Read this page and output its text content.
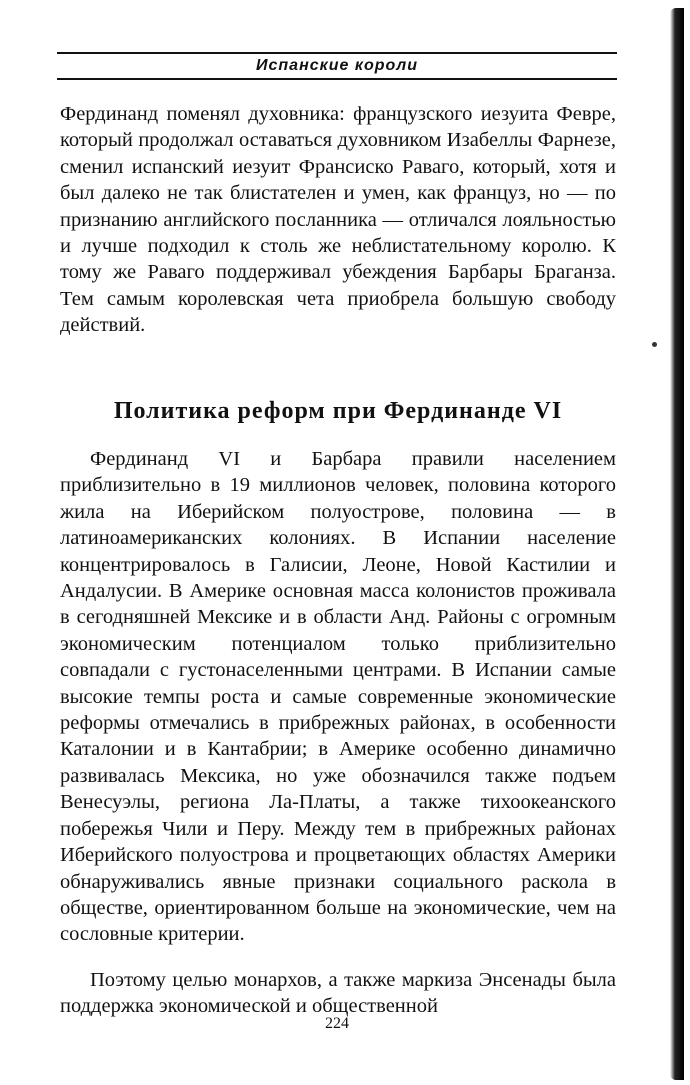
Испанские короли

Фердинанд поменял духовника: французского иезуита Февре, который продолжал оставаться духовником Изабеллы Фарнезе, сменил испанский иезуит Франсиско Раваго, который, хотя и был далеко не так блистателен и умен, как француз, но — по признанию английского посланника — отличался лояльностью и лучше подходил к столь же неблистательному королю. К тому же Раваго поддерживал убеждения Барбары Браганза. Тем самым королевская чета приобрела большую свободу действий.

Политика реформ при Фердинанде VI

Фердинанд VI и Барбара правили населением приблизительно в 19 миллионов человек, половина которого жила на Иберийском полуострове, половина — в латиноамериканских колониях. В Испании население концентрировалось в Галисии, Леоне, Новой Кастилии и Андалусии. В Америке основная масса колонистов проживала в сегодняшней Мексике и в области Анд. Районы с огромным экономическим потенциалом только приблизительно совпадали с густонаселенными центрами. В Испании самые высокие темпы роста и самые современные экономические реформы отмечались в прибрежных районах, в особенности Каталонии и в Кантабрии; в Америке особенно динамично развивалась Мексика, но уже обозначился также подъем Венесуэлы, региона Ла-Платы, а также тихоокеанского побережья Чили и Перу. Между тем в прибрежных районах Иберийского полуострова и процветающих областях Америки обнаруживались явные признаки социального раскола в обществе, ориентированном больше на экономические, чем на сословные критерии.

Поэтому целью монархов, а также маркиза Энсенады была поддержка экономической и общественной

224
